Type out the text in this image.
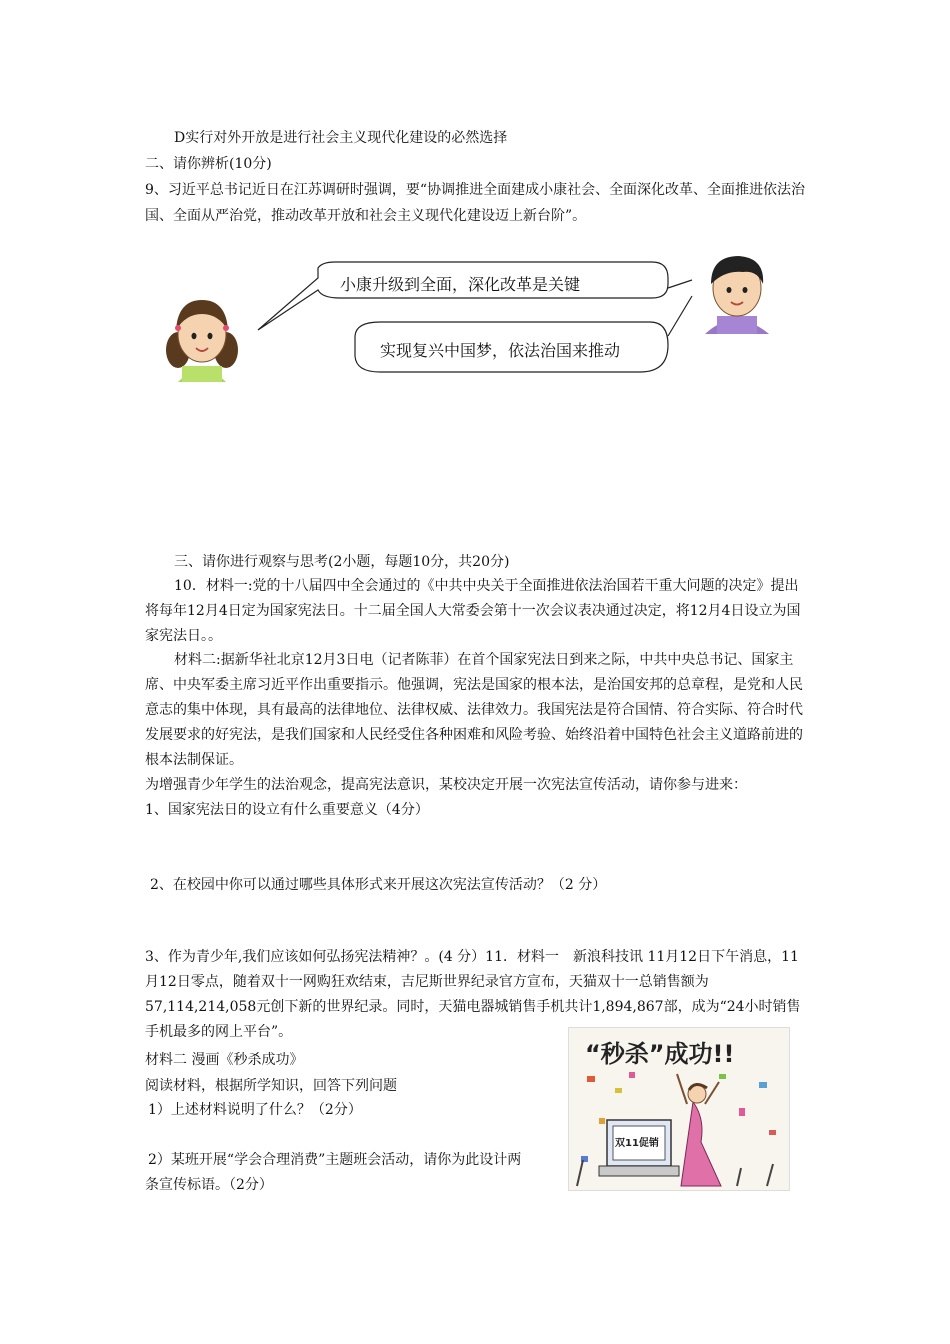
D实行对外开放是进行社会主义现代化建设的必然选择
二、请你辨析(10分)
9、习近平总书记近日在江苏调研时强调，要“协调推进全面建成小康社会、全面深化改革、全面推进依法治
国、全面从严治党，推动改革开放和社会主义现代化建设迈上新台阶”。
小康升级到全面，深化改革是关键
实现复兴中国梦，依法治国来推动
三、请你进行观察与思考(2小题，每题10分，共20分)
10．材料一:党的十八届四中全会通过的《中共中央关于全面推进依法治国若干重大问题的决定》提出将每年12月4日定为国家宪法日。十二届全国人大常委会第十一次会议表决通过决定，将12月4日设立为国家宪法日。。
材料二:据新华社北京12月3日电（记者陈菲）在首个国家宪法日到来之际，中共中央总书记、国家主席、中央军委主席习近平作出重要指示。他强调，宪法是国家的根本法，是治国安邦的总章程，是党和人民意志的集中体现，具有最高的法律地位、法律权威、法律效力。我国宪法是符合国情、符合实际、符合时代发展要求的好宪法，是我们国家和人民经受住各种困难和风险考验、始终沿着中国特色社会主义道路前进的根本法制保证。
为增强青少年学生的法治观念，提高宪法意识，某校决定开展一次宪法宣传活动，请你参与进来：
1、国家宪法日的设立有什么重要意义（4分）
2、在校园中你可以通过哪些具体形式来开展这次宪法宣传活动？（2 分）
3、作为青少年,我们应该如何弘扬宪法精神？。(4 分）11．材料一　新浪科技讯 11月12日下午消息，11月12日零点，随着双十一网购狂欢结束，吉尼斯世界纪录官方宣布，天猫双十一总销售额为57,114,214,058元创下新的世界纪录。同时，天猫电器城销售手机共计1,894,867部，成为“24小时销售手机最多的网上平台”。
材料二 漫画《秒杀成功》
阅读材料，根据所学知识，回答下列问题
1）上述材料说明了什么？（2分）
2）某班开展“学会合理消费”主题班会活动，请你为此设计两
条宣传标语。（2分）
“秒杀”成功!!
双11促销
